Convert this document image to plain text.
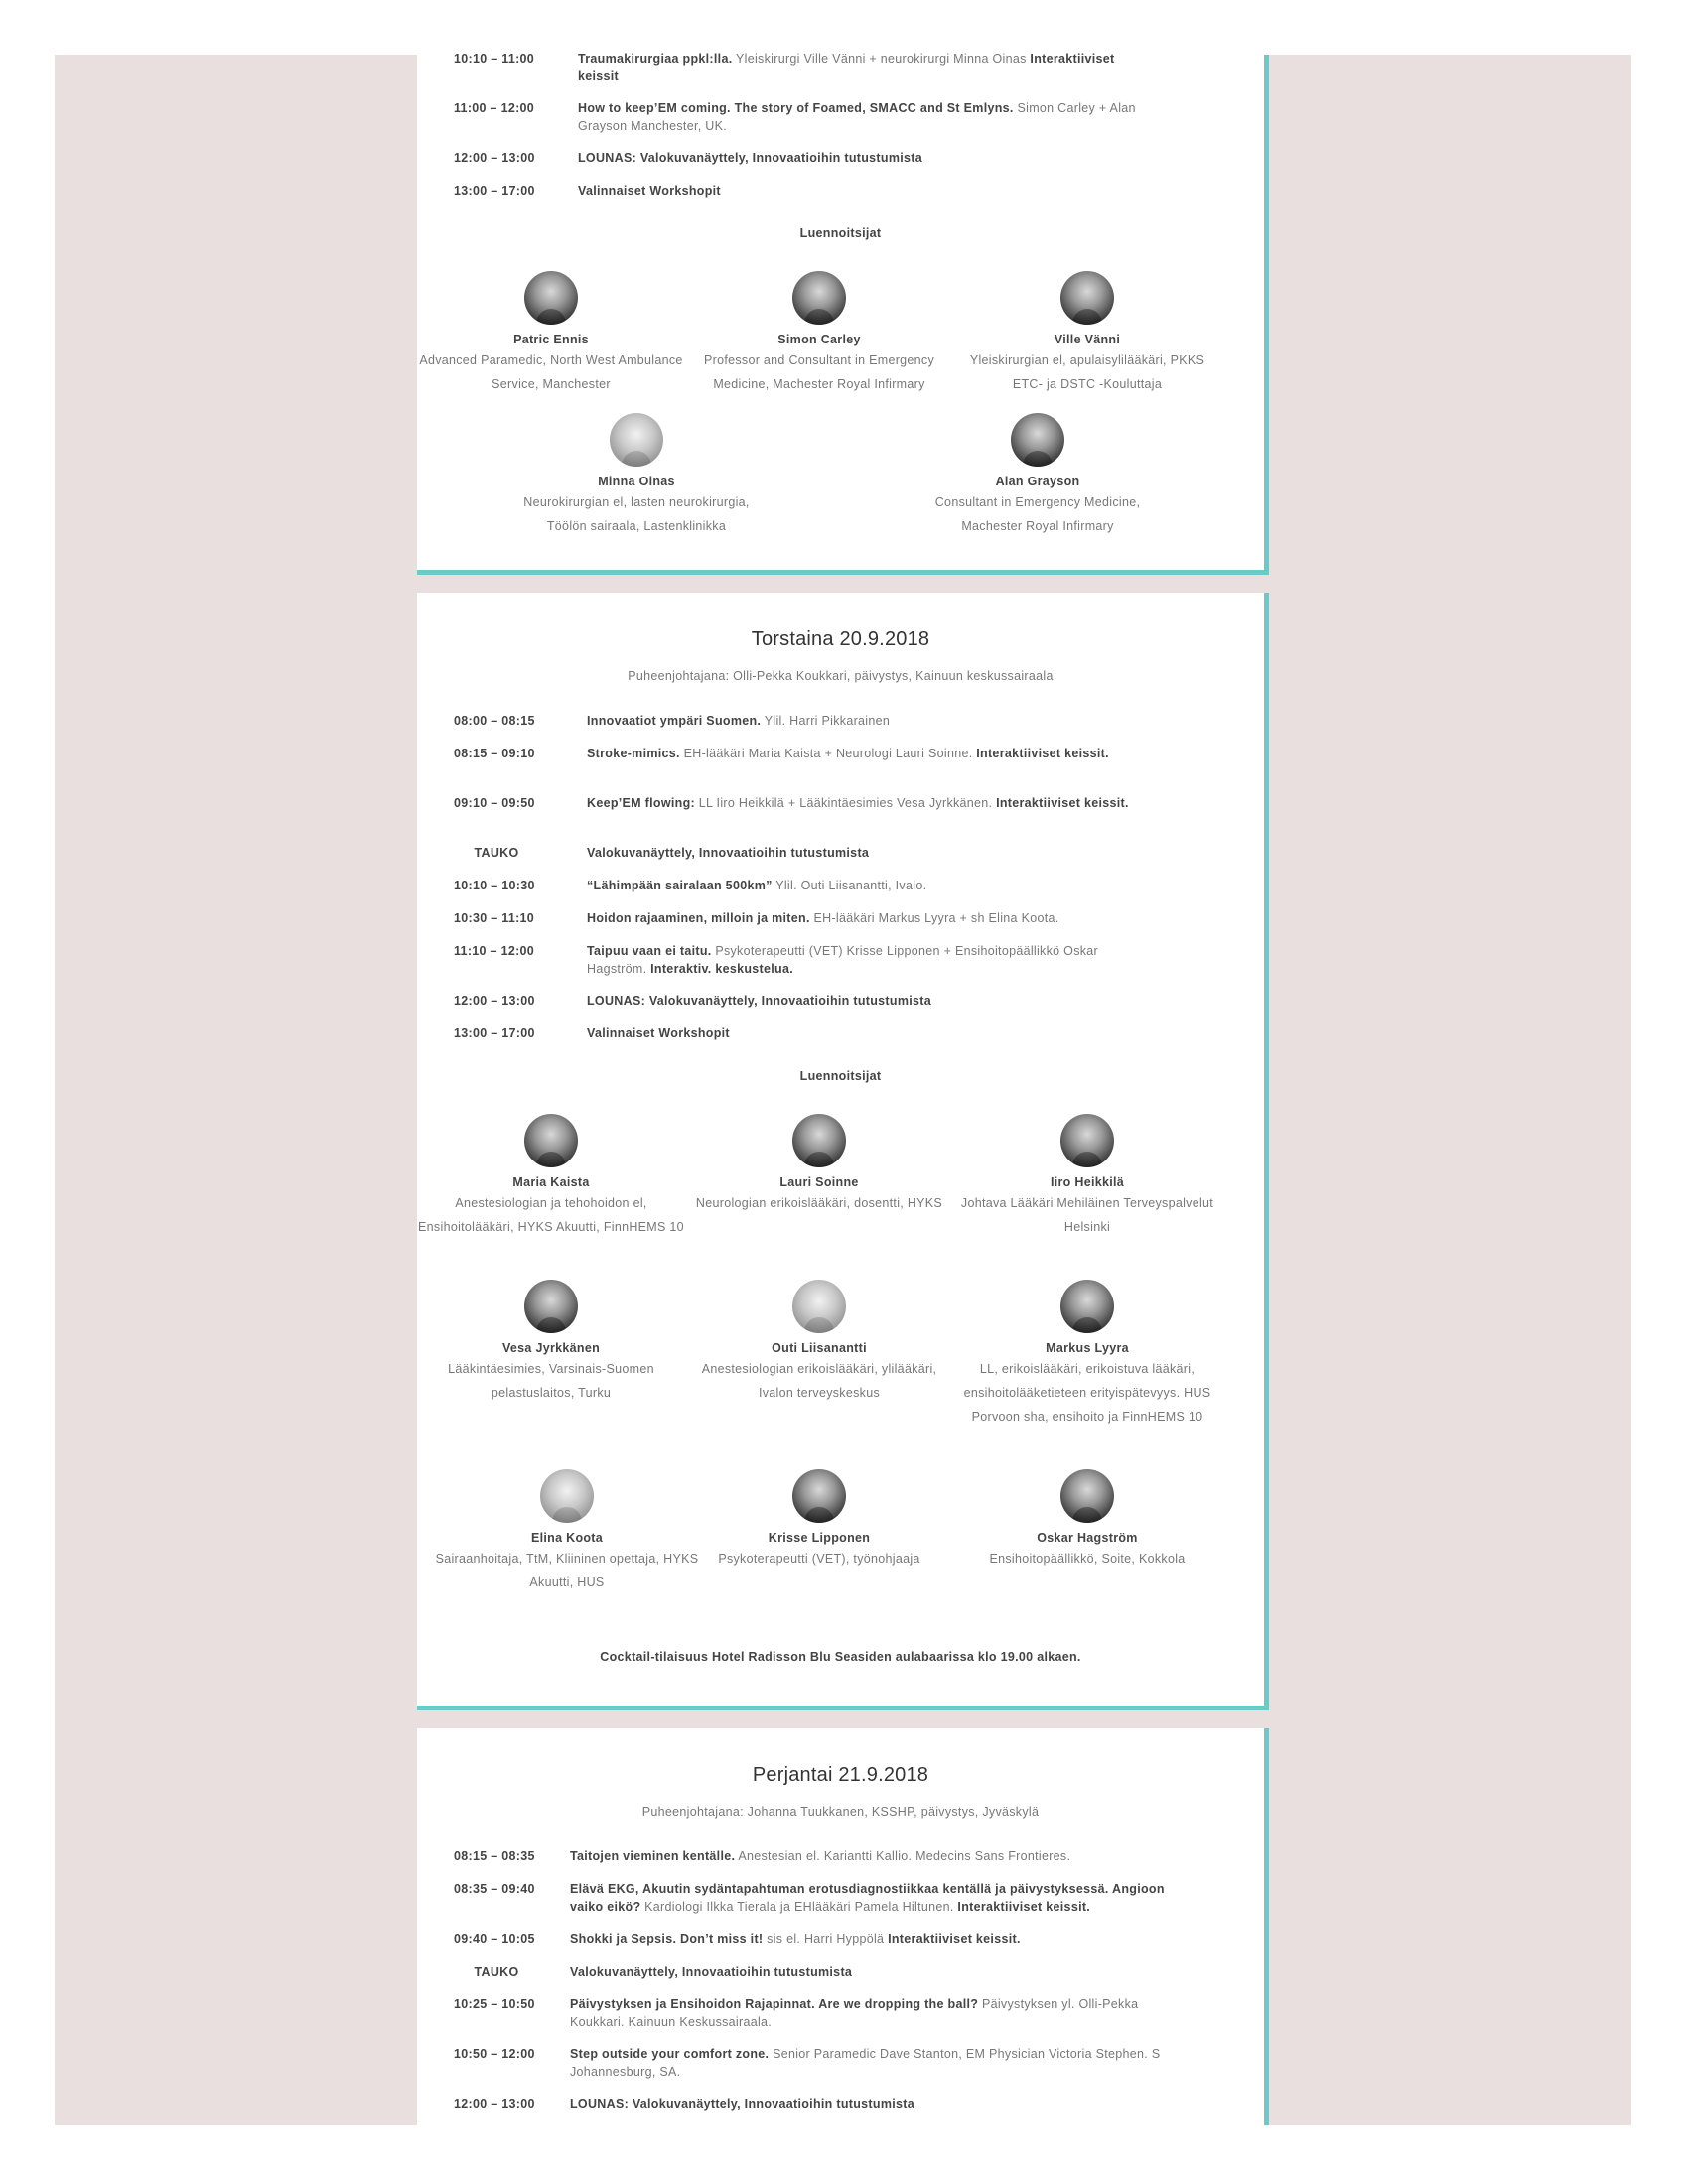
10:10 – 11:00	Traumakirurgiaa ppkl:lla. Yleiskirurgi Ville Vänni + neurokirurgi Minna Oinas Interaktiiviset keissit
11:00 – 12:00	How to keep’EM coming. The story of Foamed, SMACC and St Emlyns. Simon Carley + Alan Grayson Manchester, UK.
12:00 – 13:00	LOUNAS: Valokuvanäyttely, Innovaatioihin tutustumista
13:00 – 17:00	Valinnaiset Workshopit
Luennoitsijat
Patric Ennis
Advanced Paramedic, North West Ambulance Service, Manchester
Simon Carley
Professor and Consultant in Emergency Medicine, Machester Royal Infirmary
Ville Vänni
Yleiskirurgian el, apulaisylilääkäri, PKKS ETC- ja DSTC -Kouluttaja
Minna Oinas
Neurokirurgian el, lasten neurokirurgia, Töölön sairaala, Lastenklinikka
Alan Grayson
Consultant in Emergency Medicine, Machester Royal Infirmary
Torstaina 20.9.2018
Puheenjohtajana: Olli-Pekka Koukkari, päivystys, Kainuun keskussairaala
08:00 – 08:15	Innovaatiot ympäri Suomen. Ylil. Harri Pikkarainen
08:15 – 09:10	Stroke-mimics. EH-lääkäri Maria Kaista + Neurologi Lauri Soinne. Interaktiiviset keissit.
09:10 – 09:50	Keep’EM flowing: LL Iiro Heikkilä + Lääkintäesimies Vesa Jyrkkänen. Interaktiiviset keissit.
TAUKO	Valokuvanäyttely, Innovaatioihin tutustumista
10:10 – 10:30	“Lähimpään sairalaan 500km” Ylil. Outi Liisanantti, Ivalo.
10:30 – 11:10	Hoidon rajaaminen, milloin ja miten. EH-lääkäri Markus Lyyra + sh Elina Koota.
11:10 – 12:00	Taipuu vaan ei taitu. Psykoterapeutti (VET) Krisse Lipponen + Ensihoitopäällikkö Oskar Hagström. Interaktiv. keskustelua.
12:00 – 13:00	LOUNAS: Valokuvanäyttely, Innovaatioihin tutustumista
13:00 – 17:00	Valinnaiset Workshopit
Luennoitsijat
Maria Kaista
Anestesiologian ja tehohoidon el, Ensihoitolääkäri, HYKS Akuutti, FinnHEMS 10
Lauri Soinne
Neurologian erikoislääkäri, dosentti, HYKS
Iiro Heikkilä
Johtava Lääkäri Mehiläinen Terveyspalvelut Helsinki
Vesa Jyrkkänen
Lääkintäesimies, Varsinais-Suomen pelastuslaitos, Turku
Outi Liisanantti
Anestesiologian erikoislääkäri, ylilääkäri, Ivalon terveyskeskus
Markus Lyyra
LL, erikoislääkäri, erikoistuva lääkäri, ensihoitolääketieteen erityispätevyys. HUS Porvoon sha, ensihoito ja FinnHEMS 10
Elina Koota
Sairaanhoitaja, TtM, Kliininen opettaja, HYKS Akuutti, HUS
Krisse Lipponen
Psykoterapeutti (VET), työnohjaaja
Oskar Hagström
Ensihoitopäällikkö, Soite, Kokkola
Cocktail-tilaisuus Hotel Radisson Blu Seasiden aulabaarissa klo 19.00 alkaen.
Perjantai 21.9.2018
Puheenjohtajana: Johanna Tuukkanen, KSSHP, päivystys, Jyväskylä
08:15 – 08:35	Taitojen vieminen kentälle. Anestesian el. Kariantti Kallio. Medecins Sans Frontieres.
08:35 – 09:40	Elävä EKG, Akuutin sydäntapahtuman erotusdiagnostiikkaa kentällä ja päivystyksessä. Angioon vaiko eikö? Kardiologi Ilkka Tierala ja EHlääkäri Pamela Hiltunen. Interaktiiviset keissit.
09:40 – 10:05	Shokki ja Sepsis. Don’t miss it! sis el. Harri Hyppölä Interaktiiviset keissit.
TAUKO	Valokuvanäyttely, Innovaatioihin tutustumista
10:25 – 10:50	Päivystyksen ja Ensihoidon Rajapinnat. Are we dropping the ball? Päivystyksen yl. Olli-Pekka Koukkari. Kainuun Keskussairaala.
10:50 – 12:00	Step outside your comfort zone. Senior Paramedic Dave Stanton, EM Physician Victoria Stephen. S Johannesburg, SA.
12:00 – 13:00	LOUNAS: Valokuvanäyttely, Innovaatioihin tutustumista
